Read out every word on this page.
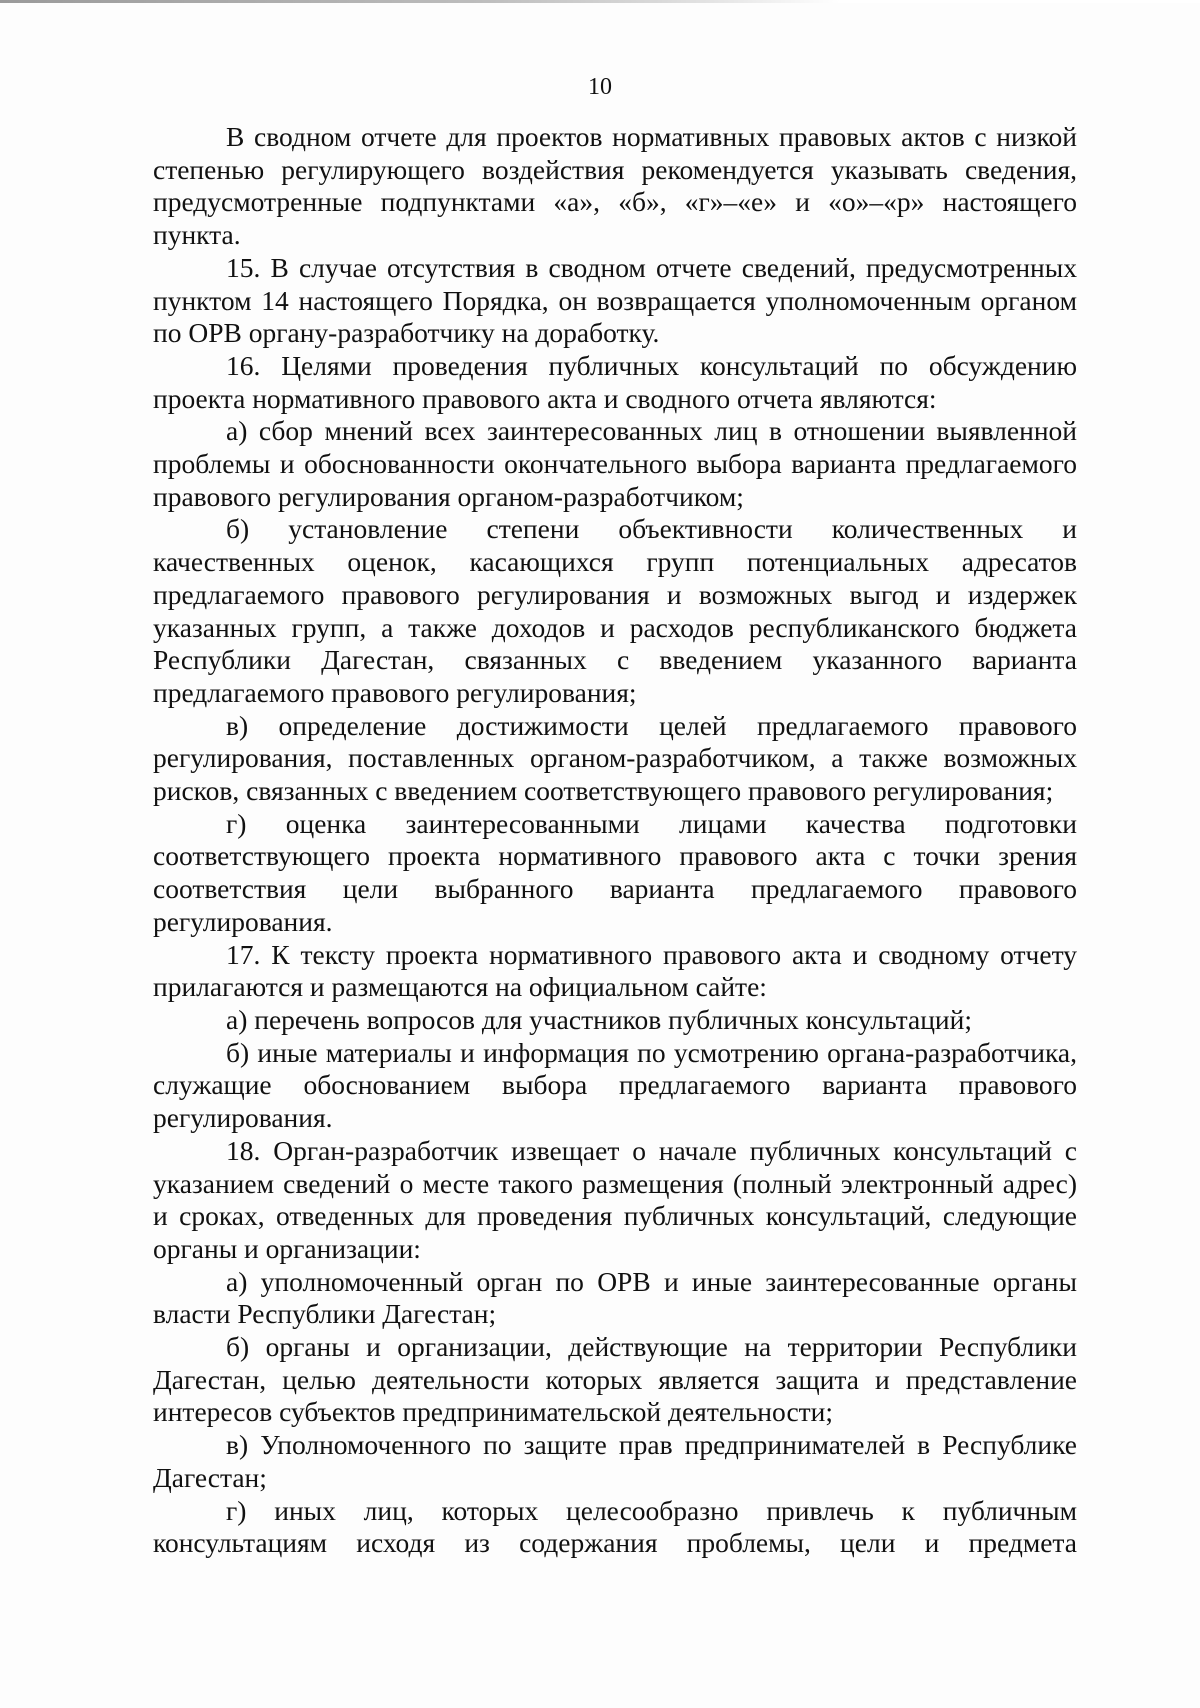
10

В сводном отчете для проектов нормативных правовых актов с низкой степенью регулирующего воздействия рекомендуется указывать сведения, предусмотренные подпунктами «а», «б», «г»–«е» и «о»–«р» настоящего пункта.

15. В случае отсутствия в сводном отчете сведений, предусмотренных пунктом 14 настоящего Порядка, он возвращается уполномоченным органом по ОРВ органу-разработчику на доработку.

16. Целями проведения публичных консультаций по обсуждению проекта нормативного правового акта и сводного отчета являются:

а) сбор мнений всех заинтересованных лиц в отношении выявленной проблемы и обоснованности окончательного выбора варианта предлагаемого правового регулирования органом-разработчиком;

б) установление степени объективности количественных и качественных оценок, касающихся групп потенциальных адресатов предлагаемого правового регулирования и возможных выгод и издержек указанных групп, а также доходов и расходов республиканского бюджета Республики Дагестан, связанных с введением указанного варианта предлагаемого правового регулирования;

в) определение достижимости целей предлагаемого правового регулирования, поставленных органом-разработчиком, а также возможных рисков, связанных с введением соответствующего правового регулирования;

г) оценка заинтересованными лицами качества подготовки соответствующего проекта нормативного правового акта с точки зрения соответствия цели выбранного варианта предлагаемого правового регулирования.

17. К тексту проекта нормативного правового акта и сводному отчету прилагаются и размещаются на официальном сайте:

а) перечень вопросов для участников публичных консультаций;

б) иные материалы и информация по усмотрению органа-разработчика, служащие обоснованием выбора предлагаемого варианта правового регулирования.

18. Орган-разработчик извещает о начале публичных консультаций с указанием сведений о месте такого размещения (полный электронный адрес) и сроках, отведенных для проведения публичных консультаций, следующие органы и организации:

а) уполномоченный орган по ОРВ и иные заинтересованные органы власти Республики Дагестан;

б) органы и организации, действующие на территории Республики Дагестан, целью деятельности которых является защита и представление интересов субъектов предпринимательской деятельности;

в) Уполномоченного по защите прав предпринимателей в Республике Дагестан;

г) иных лиц, которых целесообразно привлечь к публичным консультациям исходя из содержания проблемы, цели и предмета
